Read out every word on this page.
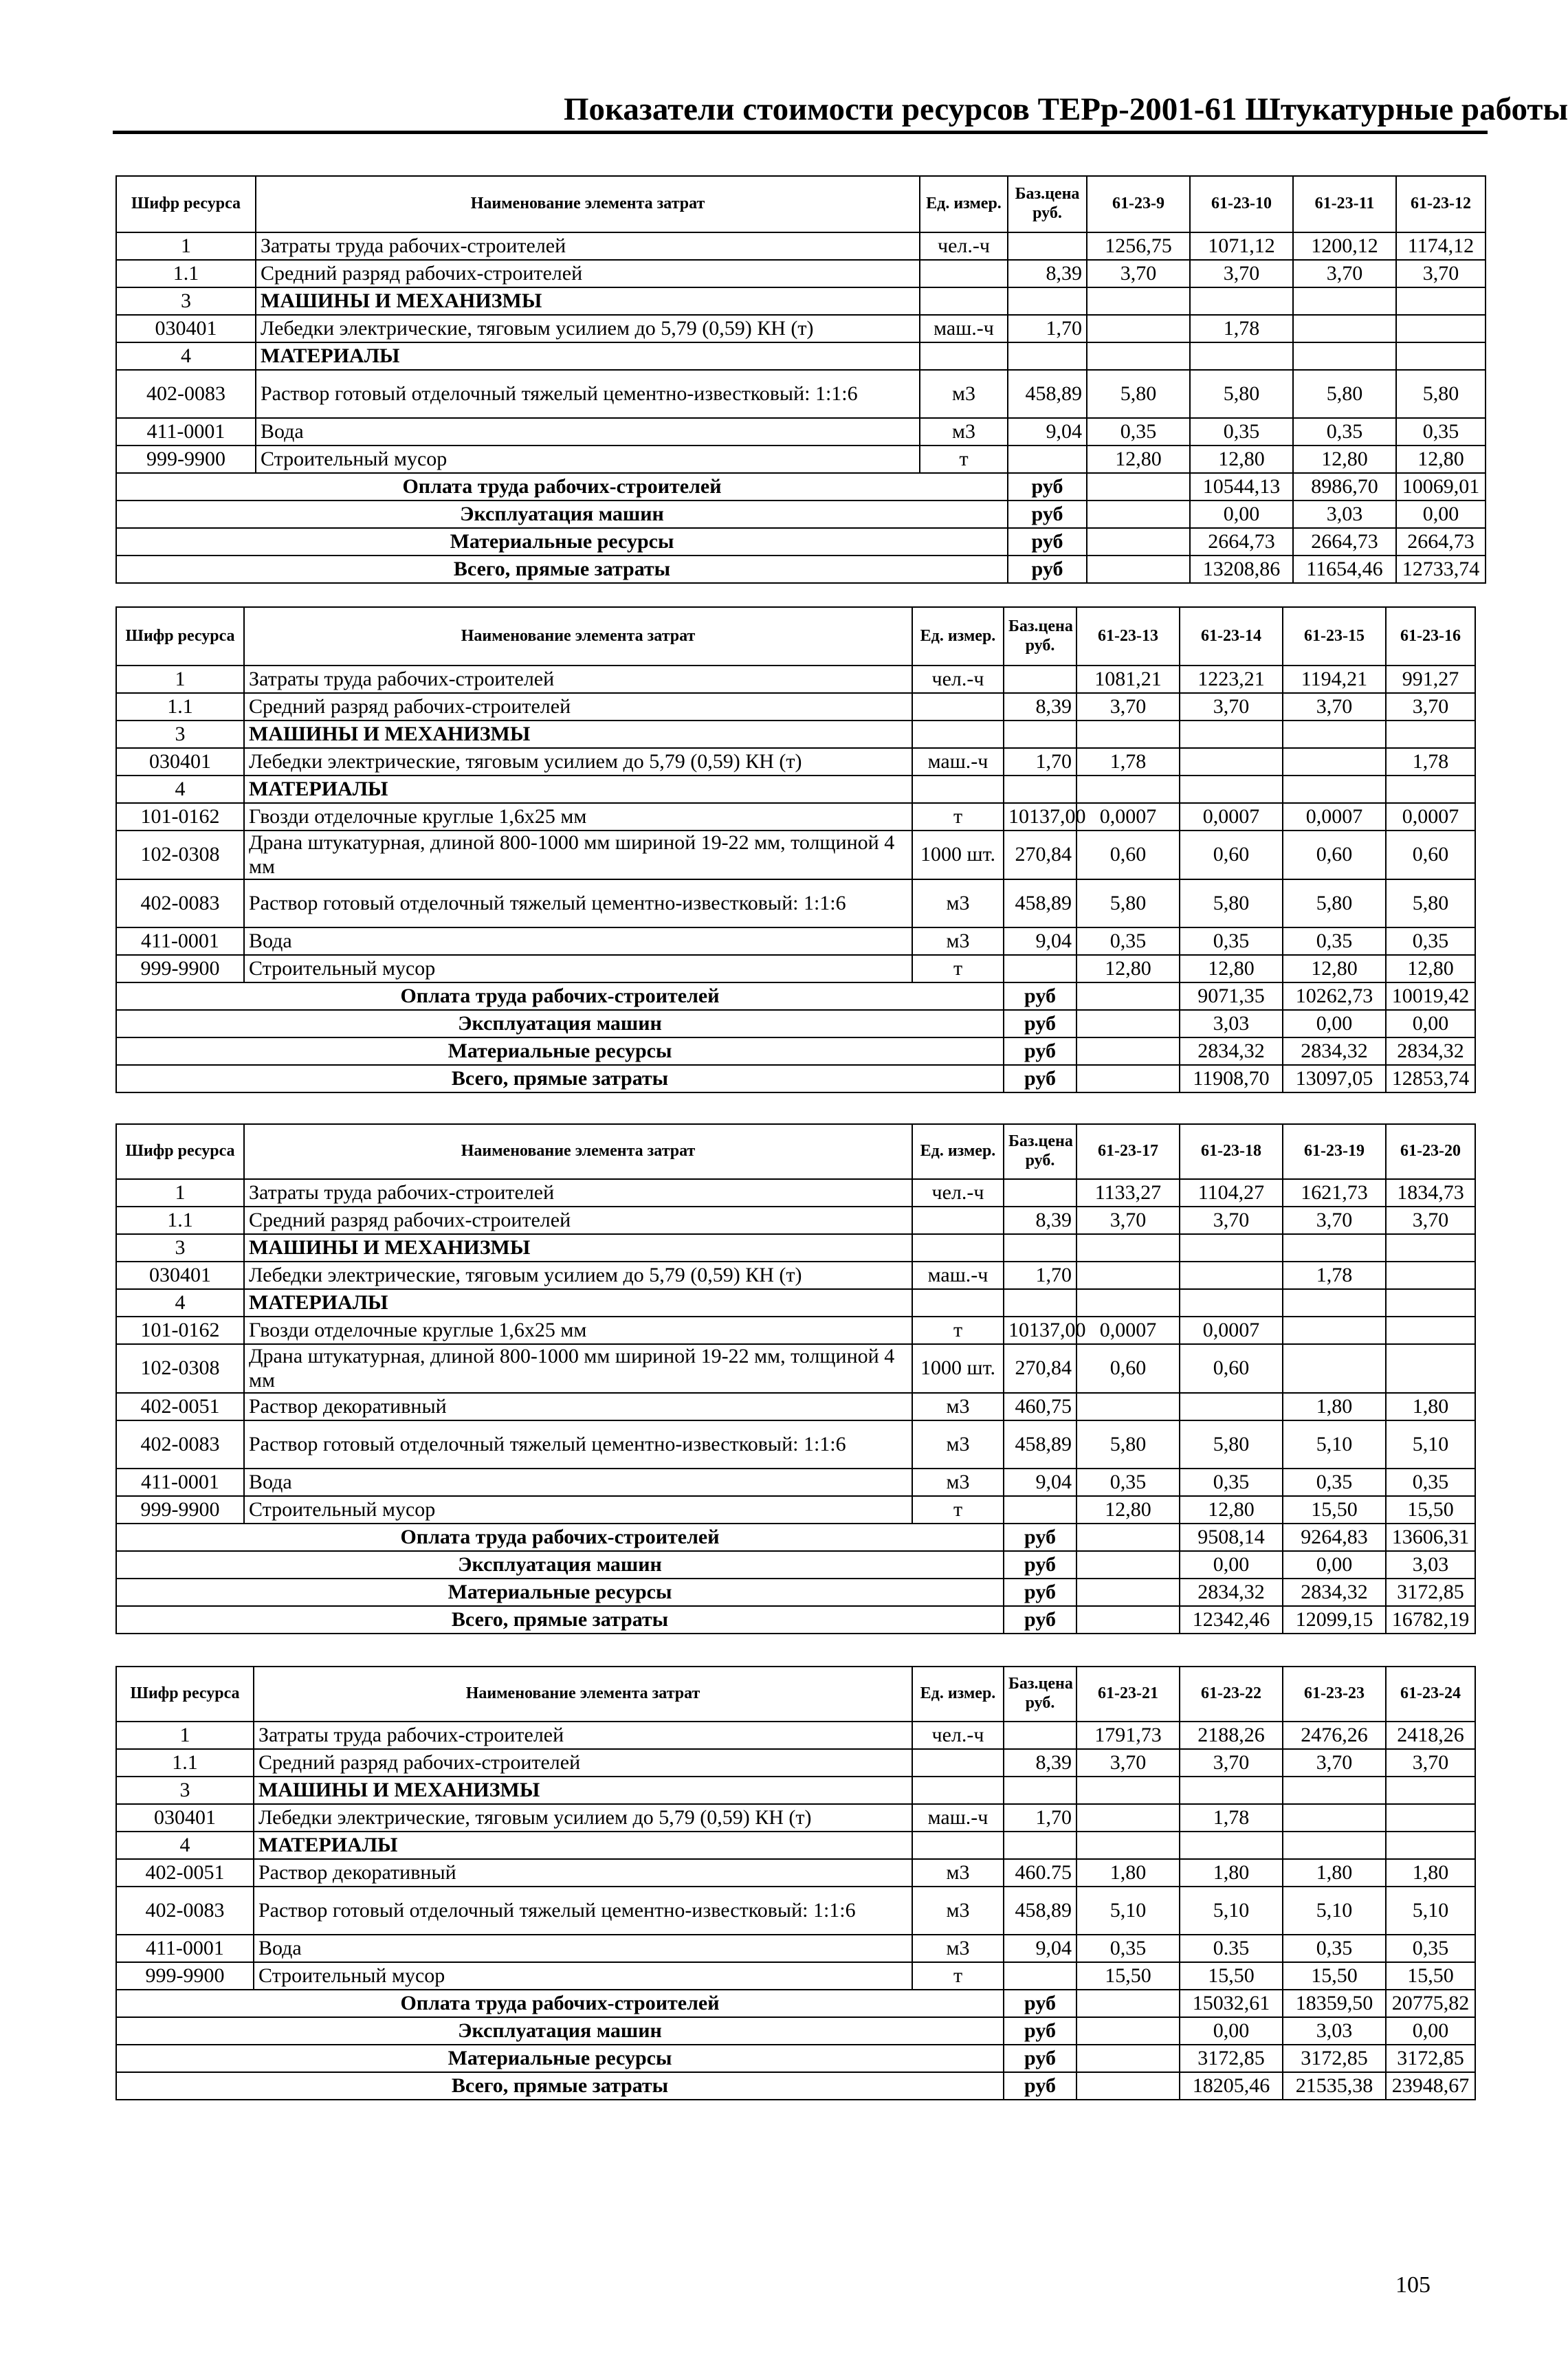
Показатели стоимости ресурсов ТЕРр-2001-61 Штукатурные работы
Шифр ресурса	Наименование элемента затрат	Ед. измер.	Баз.цена руб.	61-23-9	61-23-10	61-23-11	61-23-12	
1	Затраты труда рабочих-строителей	чел.-ч		1256,75	1071,12	1200,12	1174,12	
1.1	Средний разряд рабочих-строителей		8,39	3,70	3,70	3,70	3,70	
3	МАШИНЫ И МЕХАНИЗМЫ							
030401	Лебедки электрические, тяговым усилием до 5,79 (0,59) КН (т)	маш.-ч	1,70		1,78			
4	МАТЕРИАЛЫ							
402-0083	Раствор готовый отделочный тяжелый цементно-известковый: 1:1:6	м3	458,89	5,80	5,80	5,80	5,80	
411-0001	Вода	м3	9,04	0,35	0,35	0,35	0,35	
999-9900	Строительный мусор	т		12,80	12,80	12,80	12,80	
Оплата труда рабочих-строителей			руб		10544,13	8986,70	10069,01	
Эксплуатация машин			руб		0,00	3,03	0,00	
Материальные ресурсы			руб		2664,73	2664,73	2664,73	
Всего, прямые затраты			руб		13208,86	11654,46	12733,74	
Шифр ресурса	Наименование элемента затрат	Ед. измер.	Баз.цена руб.	61-23-13	61-23-14	61-23-15	61-23-16	
1	Затраты труда рабочих-строителей	чел.-ч		1081,21	1223,21	1194,21	991,27	
1.1	Средний разряд рабочих-строителей		8,39	3,70	3,70	3,70	3,70	
3	МАШИНЫ И МЕХАНИЗМЫ							
030401	Лебедки электрические, тяговым усилием до 5,79 (0,59) КН (т)	маш.-ч	1,70	1,78			1,78	
4	МАТЕРИАЛЫ							
101-0162	Гвозди отделочные круглые 1,6х25 мм	т	10137,00	0,0007	0,0007	0,0007	0,0007	
102-0308	Драна штукатурная, длиной 800-1000 мм шириной 19-22 мм, толщиной 4 мм	1000 шт.	270,84	0,60	0,60	0,60	0,60	
402-0083	Раствор готовый отделочный тяжелый цементно-известковый: 1:1:6	м3	458,89	5,80	5,80	5,80	5,80	
411-0001	Вода	м3	9,04	0,35	0,35	0,35	0,35	
999-9900	Строительный мусор	т		12,80	12,80	12,80	12,80	
Оплата труда рабочих-строителей			руб		9071,35	10262,73	10019,42	
Эксплуатация машин			руб		3,03	0,00	0,00	
Материальные ресурсы			руб		2834,32	2834,32	2834,32	
Всего, прямые затраты			руб		11908,70	13097,05	12853,74	
Шифр ресурса	Наименование элемента затрат	Ед. измер.	Баз.цена руб.	61-23-17	61-23-18	61-23-19	61-23-20	
1	Затраты труда рабочих-строителей	чел.-ч		1133,27	1104,27	1621,73	1834,73	
1.1	Средний разряд рабочих-строителей		8,39	3,70	3,70	3,70	3,70	
3	МАШИНЫ И МЕХАНИЗМЫ							
030401	Лебедки электрические, тяговым усилием до 5,79 (0,59) КН (т)	маш.-ч	1,70			1,78		
4	МАТЕРИАЛЫ							
101-0162	Гвозди отделочные круглые 1,6х25 мм	т	10137,00	0,0007	0,0007			
102-0308	Драна штукатурная, длиной 800-1000 мм шириной 19-22 мм, толщиной 4 мм	1000 шт.	270,84	0,60	0,60			
402-0051	Раствор декоративный	м3	460,75			1,80	1,80	
402-0083	Раствор готовый отделочный тяжелый цементно-известковый: 1:1:6	м3	458,89	5,80	5,80	5,10	5,10	
411-0001	Вода	м3	9,04	0,35	0,35	0,35	0,35	
999-9900	Строительный мусор	т		12,80	12,80	15,50	15,50	
Оплата труда рабочих-строителей			руб		9508,14	9264,83	13606,31	
Эксплуатация машин			руб		0,00	0,00	3,03	
Материальные ресурсы			руб		2834,32	2834,32	3172,85	
Всего, прямые затраты			руб		12342,46	12099,15	16782,19	
Шифр ресурса	Наименование элемента затрат	Ед. измер.	Баз.цена руб.	61-23-21	61-23-22	61-23-23	61-23-24	
1	Затраты труда рабочих-строителей	чел.-ч		1791,73	2188,26	2476,26	2418,26	
1.1	Средний разряд рабочих-строителей		8,39	3,70	3,70	3,70	3,70	
3	МАШИНЫ И МЕХАНИЗМЫ							
030401	Лебедки электрические, тяговым усилием до 5,79 (0,59) КН (т)	маш.-ч	1,70		1,78			
4	МАТЕРИАЛЫ							
402-0051	Раствор декоративный	м3	460.75	1,80	1,80	1,80	1,80	
402-0083	Раствор готовый отделочный тяжелый цементно-известковый: 1:1:6	м3	458,89	5,10	5,10	5,10	5,10	
411-0001	Вода	м3	9,04	0,35	0.35	0,35	0,35	
999-9900	Строительный мусор	т		15,50	15,50	15,50	15,50	
Оплата труда рабочих-строителей			руб		15032,61	18359,50	20775,82	
Эксплуатация машин			руб		0,00	3,03	0,00	
Материальные ресурсы			руб		3172,85	3172,85	3172,85	
Всего, прямые затраты			руб		18205,46	21535,38	23948,67	
105
